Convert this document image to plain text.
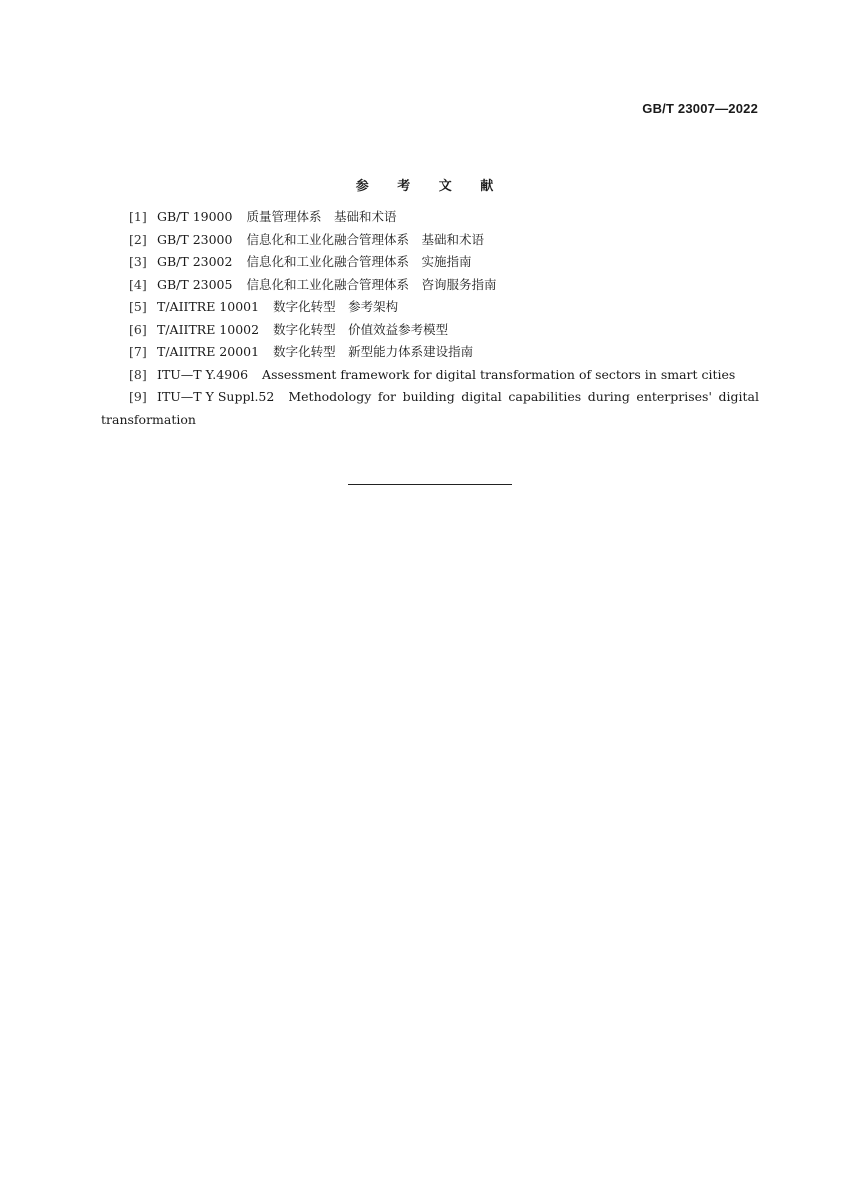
GB/T 23007—2022
参 考 文 献

[1] GB/T 19000 质量管理体系　基础和术语

[2] GB/T 23000 信息化和工业化融合管理体系　基础和术语

[3] GB/T 23002 信息化和工业化融合管理体系　实施指南

[4] GB/T 23005 信息化和工业化融合管理体系　咨询服务指南

[5] T/AIITRE 10001 数字化转型　参考架构

[6] T/AIITRE 10002 数字化转型　价值效益参考模型

[7] T/AIITRE 20001 数字化转型　新型能力体系建设指南

[8] ITU—T Y.4906 Assessment framework for digital transformation of sectors in smart cities

[9] ITU—T Y Suppl.52 Methodology for building digital capabilities during enterprises' digital transformation
